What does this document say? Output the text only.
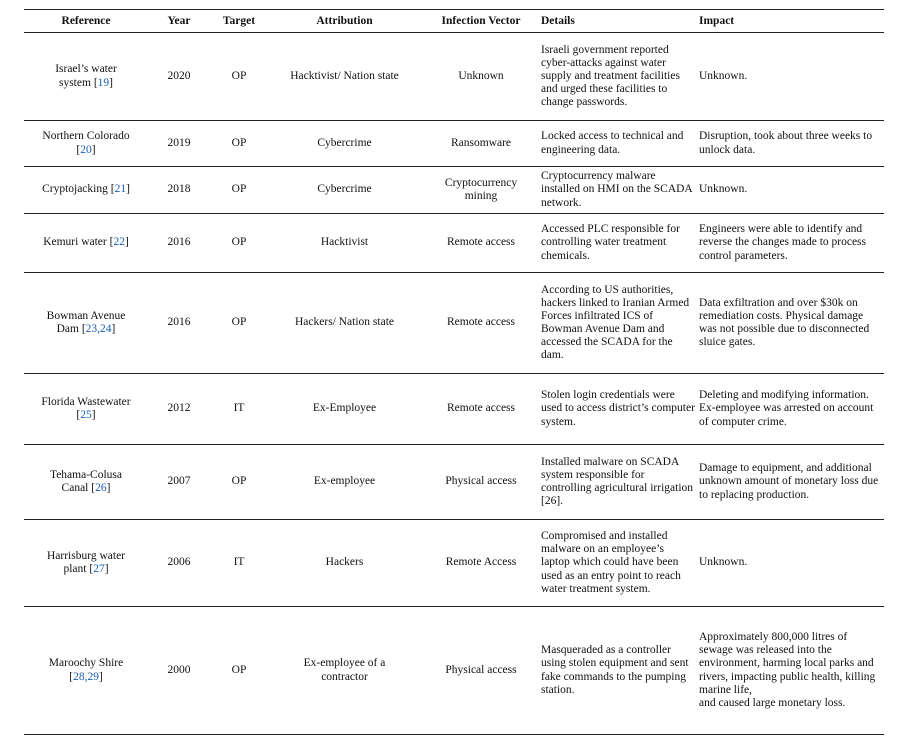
Reference	Year	Target	Attribution	Infection Vector	Details	Impact

Israel’s water system [19]	2020	OP	Hacktivist/ Nation state	Unknown	Israeli government reported cyber-attacks against water supply and treatment facilities and urged these facilities to change passwords.	Unknown.

Northern Colorado [20]	2019	OP	Cybercrime	Ransomware	Locked access to technical and engineering data.	Disruption, took about three weeks to unlock data.

Cryptojacking [21]	2018	OP	Cybercrime	Cryptocurrency mining	Cryptocurrency malware installed on HMI on the SCADA network.	Unknown.

Kemuri water [22]	2016	OP	Hacktivist	Remote access	Accessed PLC responsible for controlling water treatment chemicals.	Engineers were able to identify and reverse the changes made to process control parameters.

Bowman Avenue Dam [23,24]	2016	OP	Hackers/ Nation state	Remote access	According to US authorities, hackers linked to Iranian Armed Forces infiltrated ICS of Bowman Avenue Dam and accessed the SCADA for the dam.	Data exfiltration and over $30k on remediation costs. Physical damage was not possible due to disconnected sluice gates.

Florida Wastewater [25]	2012	IT	Ex-Employee	Remote access	Stolen login credentials were used to access district’s computer system.	Deleting and modifying information.
Ex-employee was arrested on account of computer crime.

Tehama-Colusa Canal [26]	2007	OP	Ex-employee	Physical access	Installed malware on SCADA system responsible for controlling agricultural irrigation [26].	Damage to equipment, and additional unknown amount of monetary loss due to replacing production.

Harrisburg water plant [27]	2006	IT	Hackers	Remote Access	Compromised and installed malware on an employee’s laptop which could have been used as an entry point to reach water treatment system.	Unknown.

Maroochy Shire [28,29]	2000	OP	Ex-employee of a contractor	Physical access	Masqueraded as a controller using stolen equipment and sent fake commands to the pumping station.	Approximately 800,000 litres of sewage was released into the environment, harming local parks and rivers, impacting public health, killing marine life,
and caused large monetary loss.
